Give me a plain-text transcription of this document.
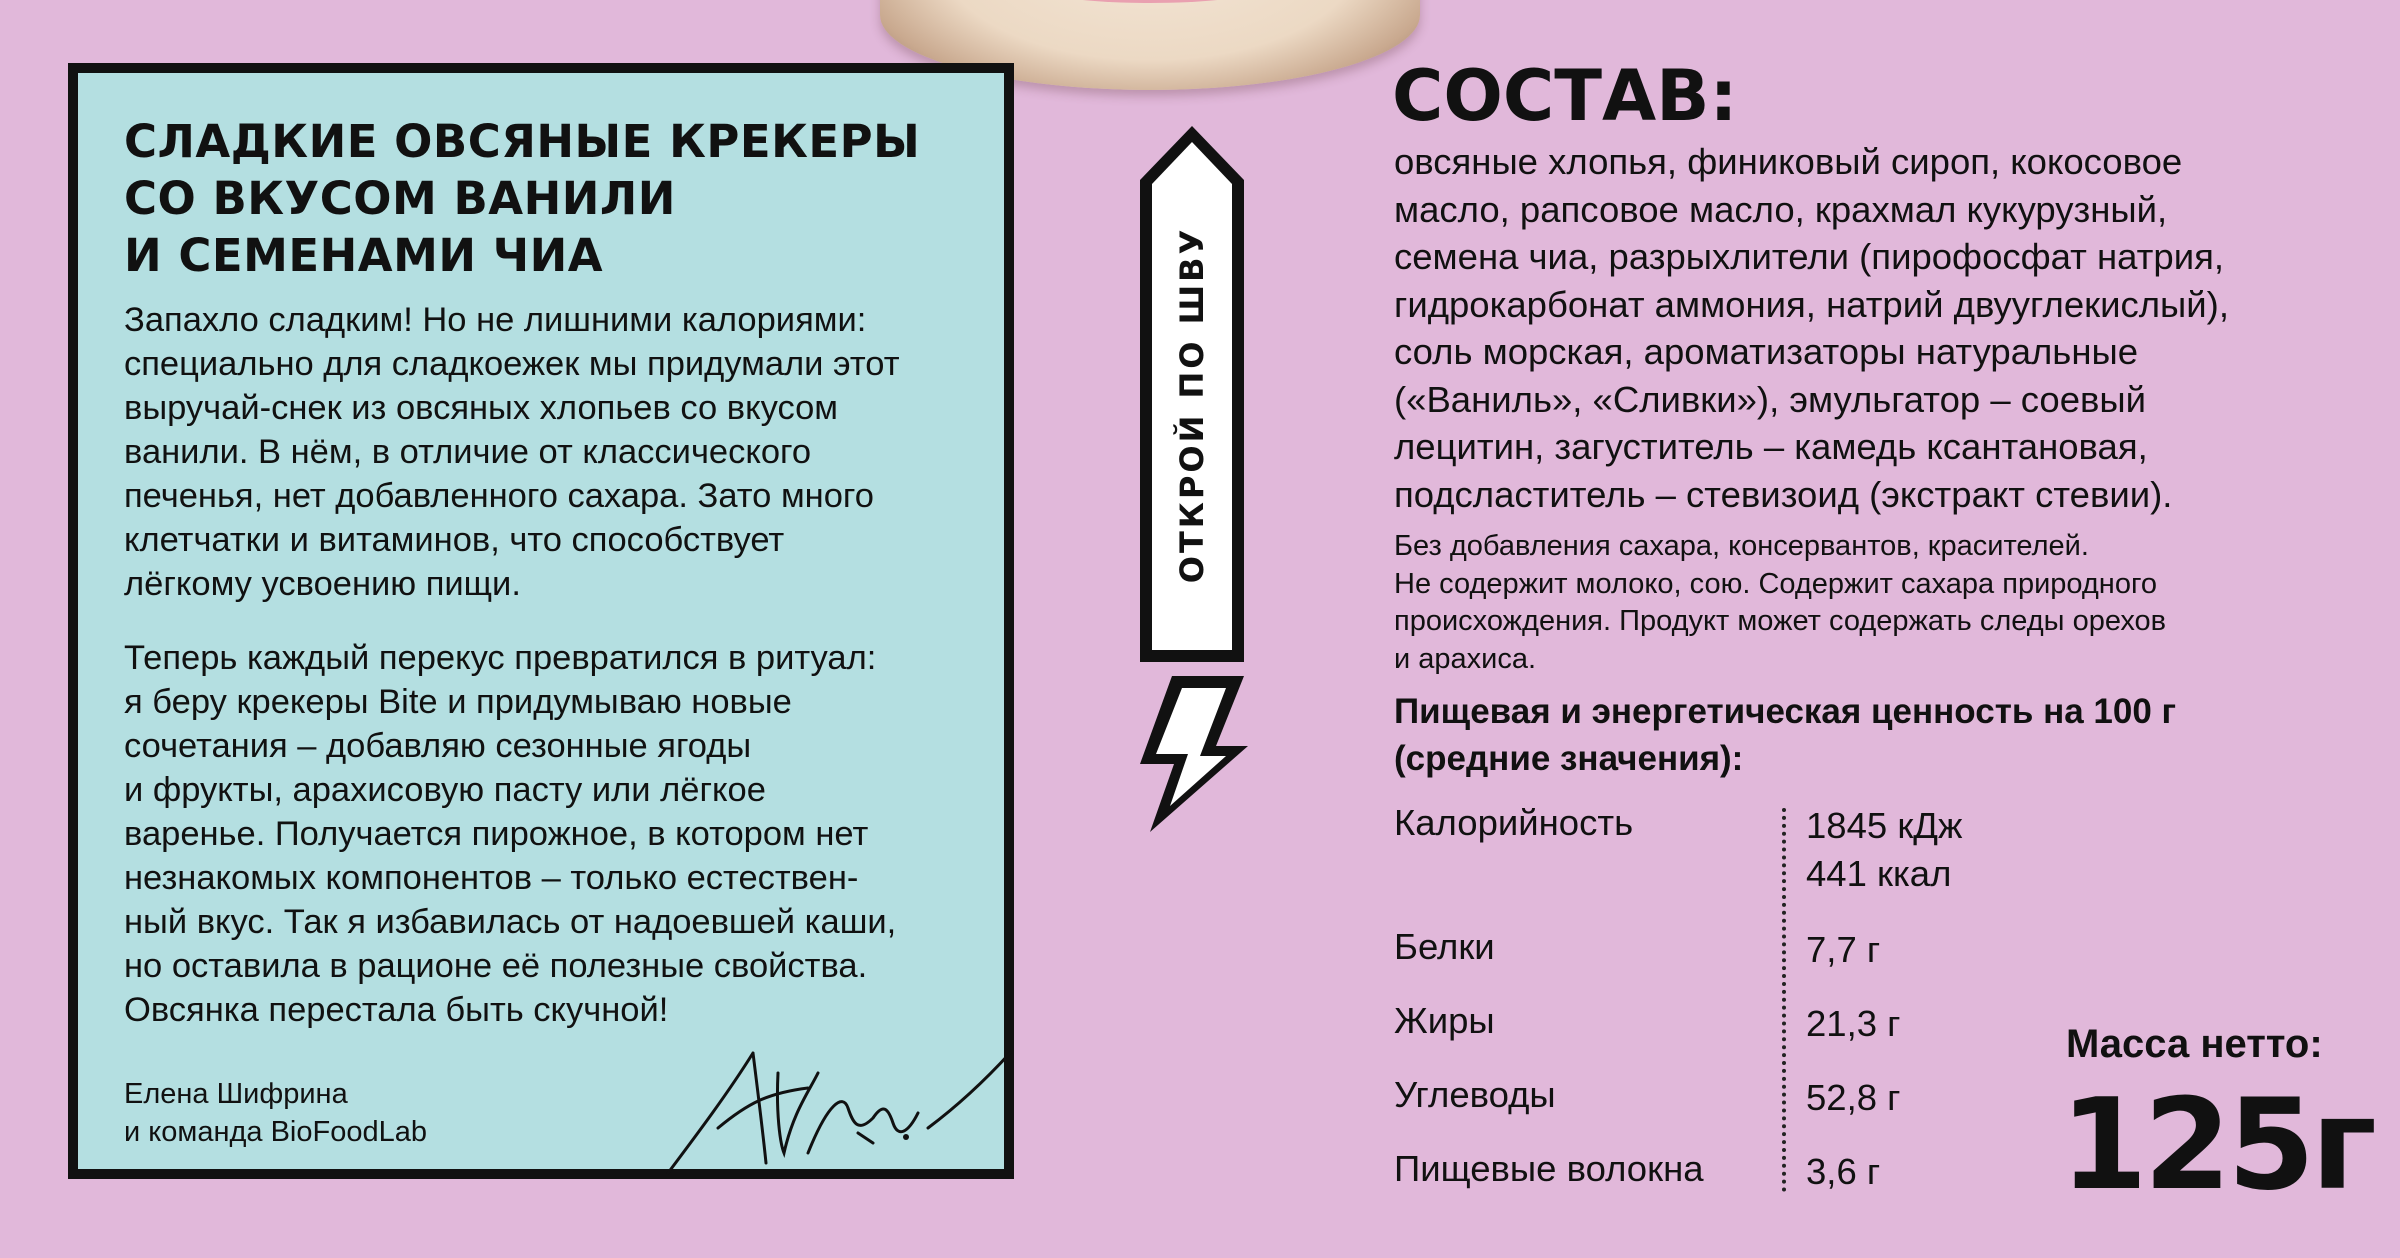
СЛАДКИЕ ОВСЯНЫЕ КРЕКЕРЫ
СО ВКУСОМ ВАНИЛИ
И СЕМЕНАМИ ЧИА

Запахло сладким! Но не лишними калориями:
специально для сладкоежек мы придумали этот
выручай-снек из овсяных хлопьев со вкусом
ванили. В нём, в отличие от классического
печенья, нет добавленного сахара. Зато много
клетчатки и витаминов, что способствует
лёгкому усвоению пищи.

Теперь каждый перекус превратился в ритуал:
я беру крекеры Bite и придумываю новые
сочетания – добавляю сезонные ягоды
и фрукты, арахисовую пасту или лёгкое
варенье. Получается пирожное, в котором нет
незнакомых компонентов – только естествен-
ный вкус. Так я избавилась от надоевшей каши,
но оставила в рационе её полезные свойства.
Овсянка перестала быть скучной!

Елена Шифрина
и команда BioFoodLab
ОТКРОЙ ПО ШВУ
СОСТАВ:
овсяные хлопья, финиковый сироп, кокосовое
масло, рапсовое масло, крахмал кукурузный,
семена чиа, разрыхлители (пирофосфат натрия,
гидрокарбонат аммония, натрий двууглекислый),
соль морская, ароматизаторы натуральные
(«Ваниль», «Сливки»), эмульгатор – соевый
лецитин, загуститель – камедь ксантановая,
подсластитель – стевизоид (экстракт стевии).
Без добавления сахара, консервантов, красителей.
Не содержит молоко, сою. Содержит сахара природного
происхождения. Продукт может содержать следы орехов
и арахиса.
Пищевая и энергетическая ценность на 100 г
(средние значения):
Калорийность	1845 кДж
441 ккал
Белки	7,7 г
Жиры	21,3 г
Углеводы	52,8 г
Пищевые волокна	3,6 г
Масса нетто:
125г
